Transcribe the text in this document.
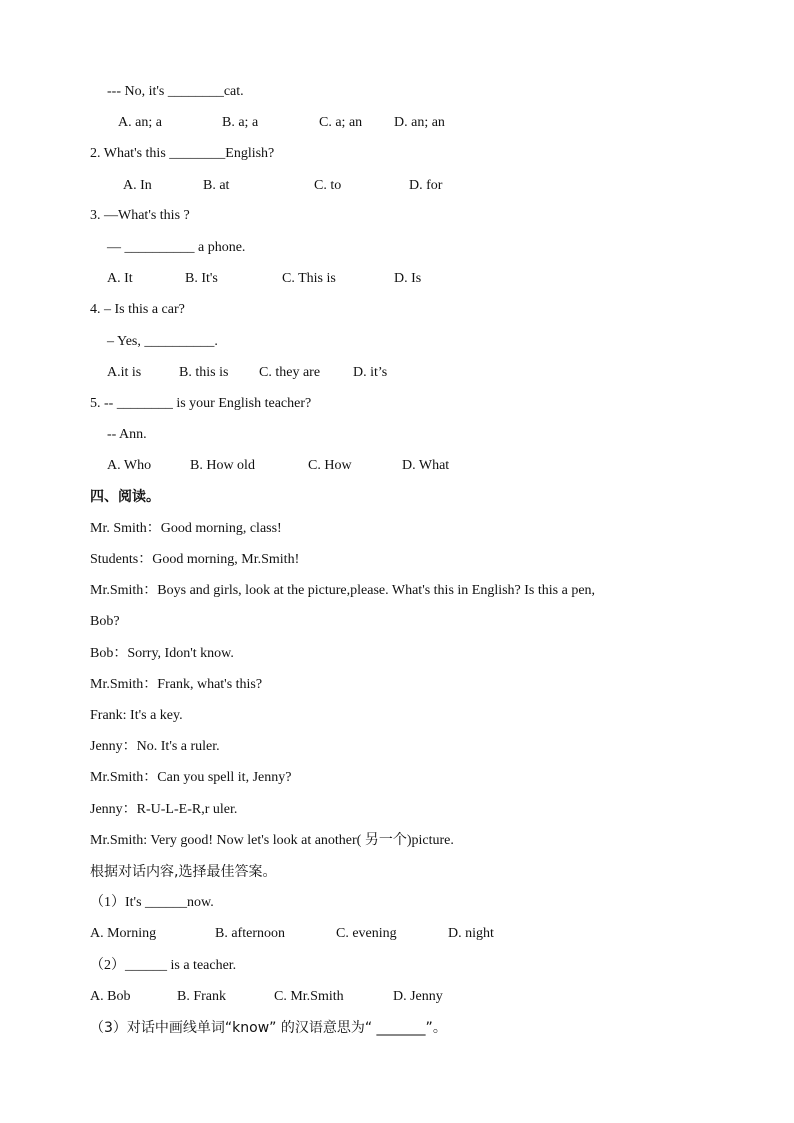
--- No, it's ________cat.

A. an; a

	B. a; a

	C. a; an

D. an; an

2. What's this ________English?

A. In

	B. at

	C. to

	D. for

3. —What's this ?
— __________ a phone.

A. It

	B. It's

	C. This is

	D. Is

4. – Is this a car?
– Yes, __________.

A.it is

	B. this is

C. they are

D. it’s

5. -- ________ is your English teacher?
-- Ann.

A. Who

	B. How old

	C. How

	D. What

四、阅读。
Mr. Smith：Good morning, class!
Students：Good morning, Mr.Smith!
Mr.Smith：Boys and girls, look at the picture,please. What's this in English? Is this a pen,
Bob?
Bob：Sorry, Idon't know.
Mr.Smith：Frank, what's this?
Frank: It's a key.
Jenny：No. It's a ruler.
Mr.Smith：Can you spell it, Jenny?
Jenny：R-U-L-E-R,r uler.
Mr.Smith: Very good! Now let's look at another( 另一个)picture.
根据对话内容,选择最佳答案。
（1）It's ______now.

A. Morning

	B. afternoon

	C. evening

	D. night

（2）______ is a teacher.

A. Bob

	B. Frank

	C. Mr.Smith

	D. Jenny

（3）对话中画线单词“know” 的汉语意思为“ _______”。
